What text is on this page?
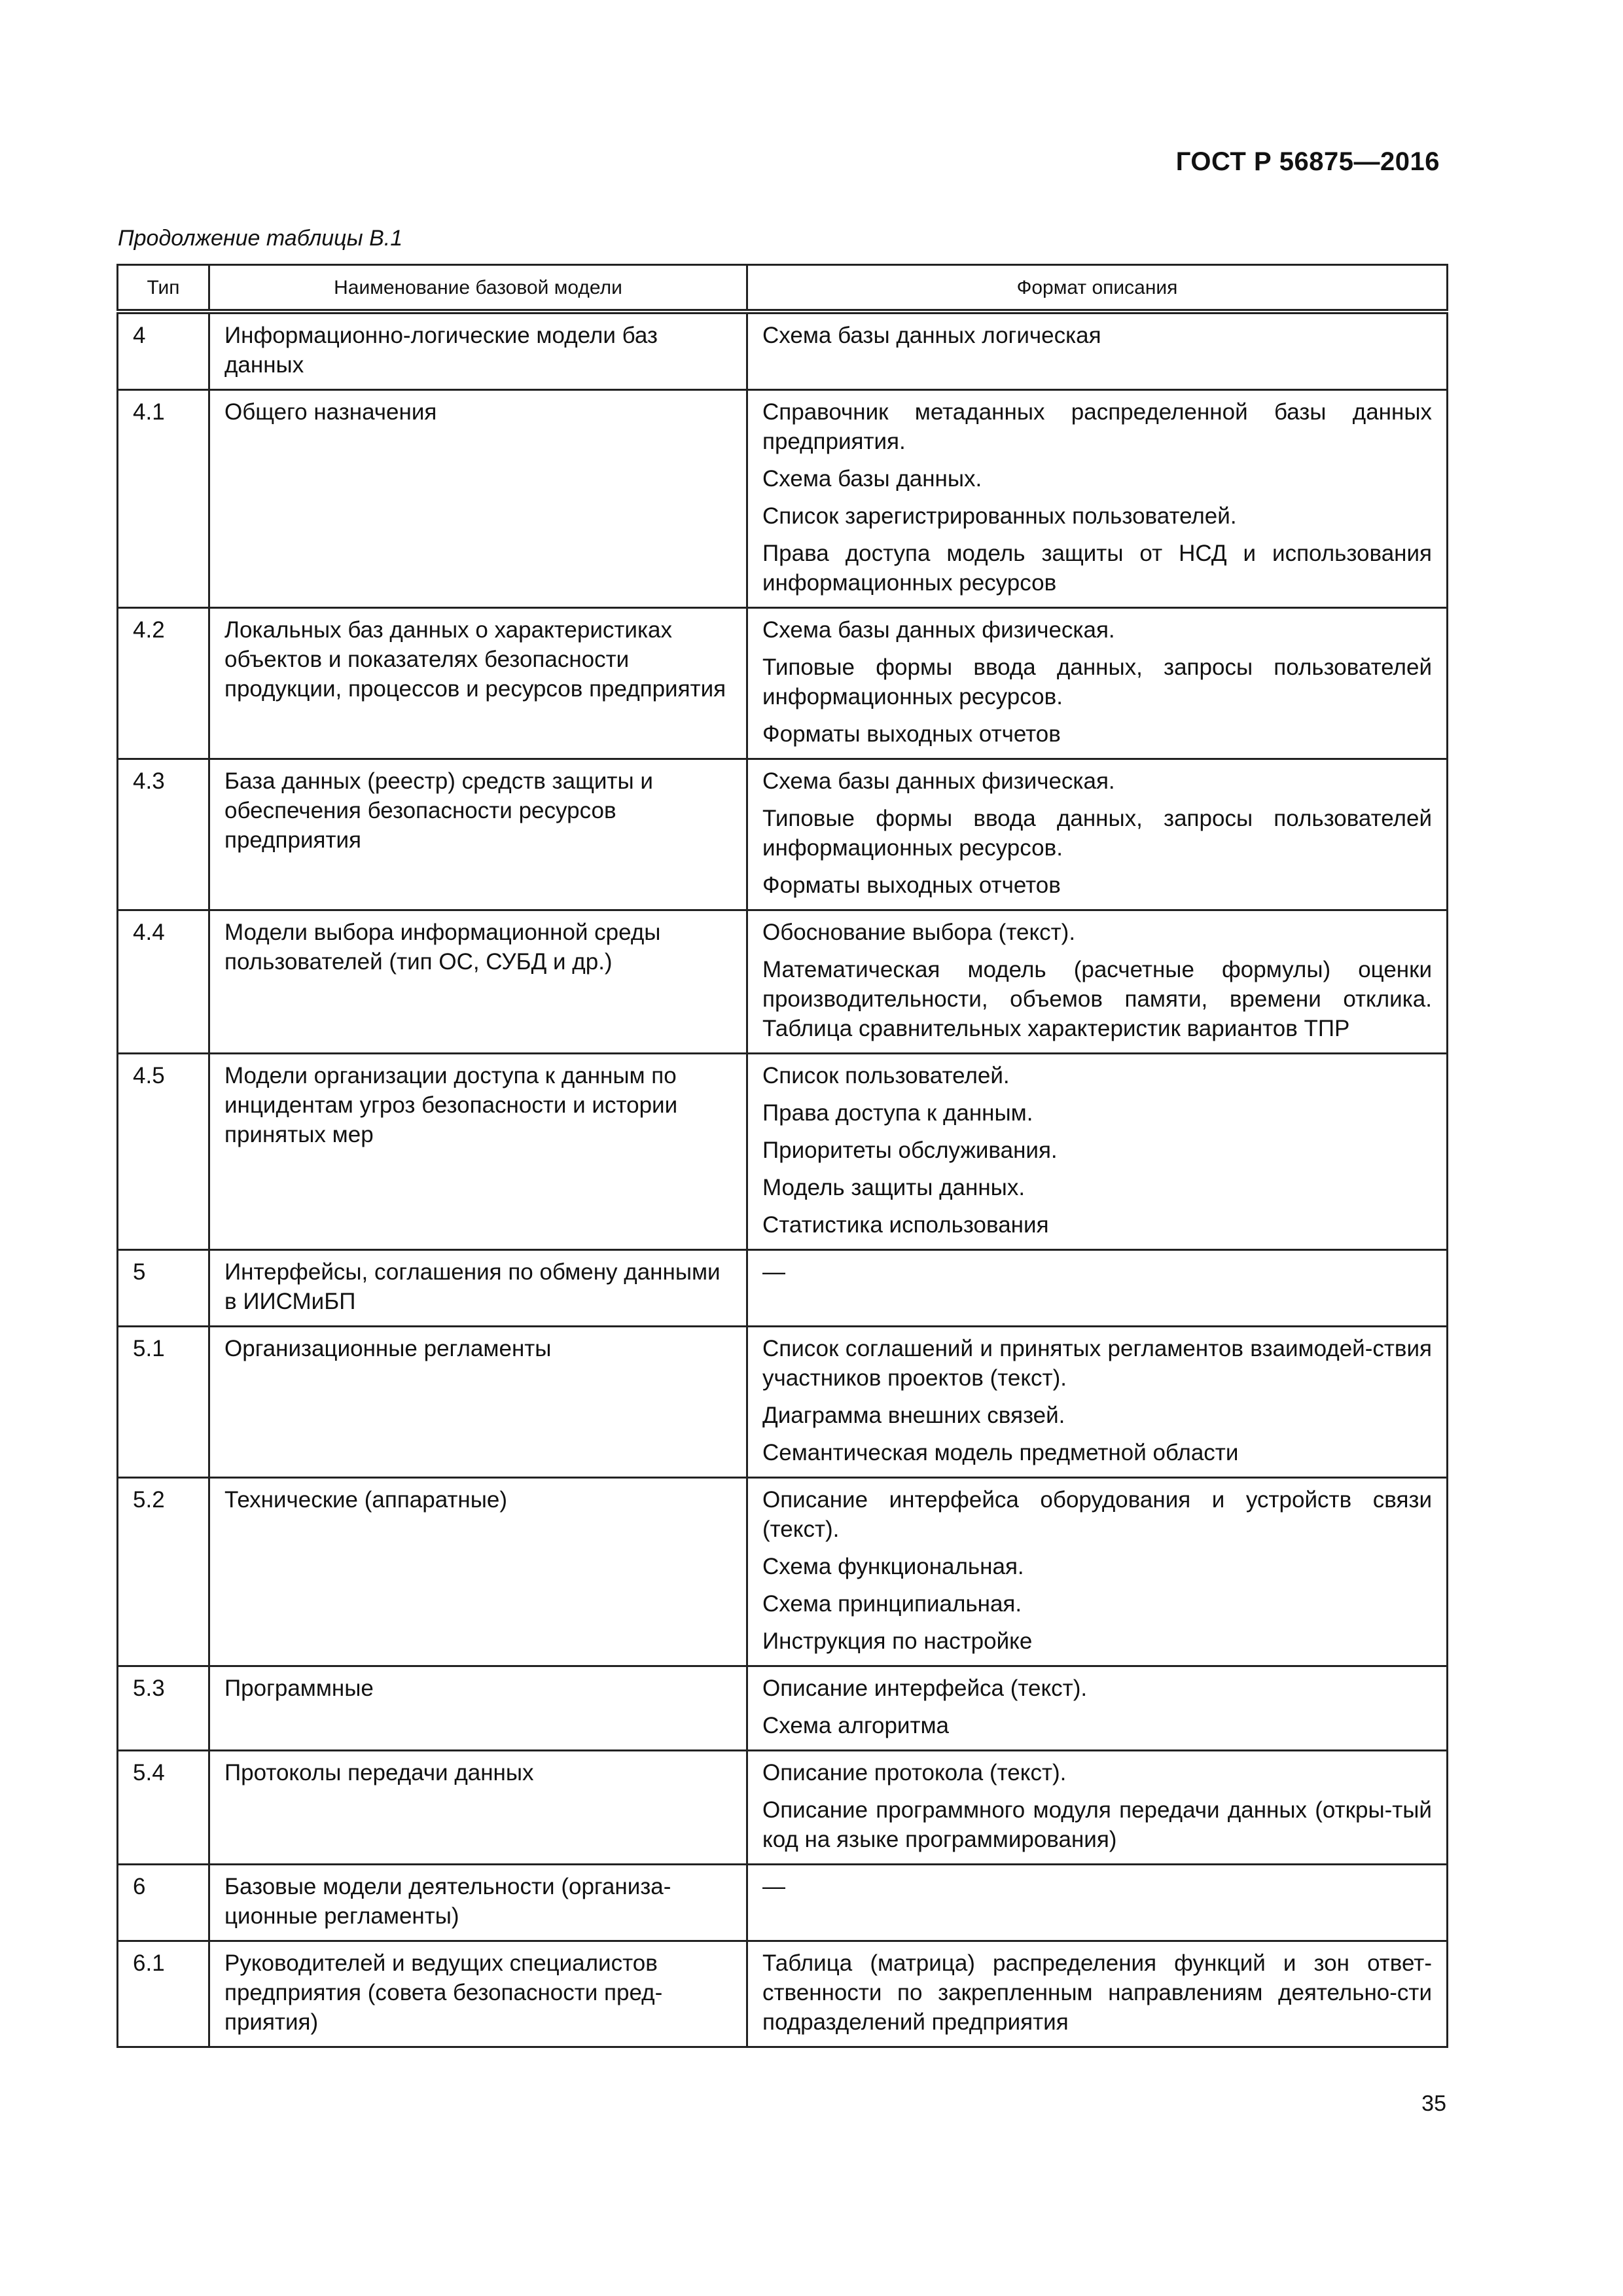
ГОСТ Р 56875—2016
Продолжение таблицы В.1
Тип	Наименование базовой модели	Формат описания
4	Информационно-логические модели баз данных	Схема базы данных логическая

4.1	Общего назначения	Справочник метаданных распределенной базы данных предприятия.

Схема базы данных.

Список зарегистрированных пользователей.

Права доступа модель защиты от НСД и использования информационных ресурсов

4.2	Локальных баз данных о характеристиках объектов и показателях безопасности продукции, процессов и ресурсов предприятия	Схема базы данных физическая.

Типовые формы ввода данных, запросы пользователей информационных ресурсов.

Форматы выходных отчетов

4.3	База данных (реестр) средств защиты и обеспечения безопасности ресурсов предприятия	Схема базы данных физическая.

Типовые формы ввода данных, запросы пользователей информационных ресурсов.

Форматы выходных отчетов

4.4	Модели выбора информационной среды пользователей (тип ОС, СУБД и др.)	Обоснование выбора (текст).

Математическая модель (расчетные формулы) оценки производительности, объемов памяти, времени отклика. Таблица сравнительных характеристик вариантов ТПР

4.5	Модели организации доступа к данным по инцидентам угроз безопасности и истории принятых мер	Список пользователей.

Права доступа к данным.

Приоритеты обслуживания.

Модель защиты данных.

Статистика использования

5	Интерфейсы, соглашения по обмену данными в ИИСМиБП	—

5.1	Организационные регламенты	Список соглашений и принятых регламентов взаимодей-ствия участников проектов (текст).

Диаграмма внешних связей.

Семантическая модель предметной области

5.2	Технические (аппаратные)	Описание интерфейса оборудования и устройств связи (текст).

Схема функциональная.

Схема принципиальная.

Инструкция по настройке

5.3	Программные	Описание интерфейса (текст).

Схема алгоритма

5.4	Протоколы передачи данных	Описание протокола (текст).

Описание программного модуля передачи данных (откры-тый код на языке программирования)

6	Базовые модели деятельности (организа-ционные регламенты)	—

6.1	Руководителей и ведущих специалистов предприятия (совета безопасности пред-приятия)	Таблица (матрица) распределения функций и зон ответ-ственности по закрепленным направлениям деятельно-сти подразделений предприятия

35
